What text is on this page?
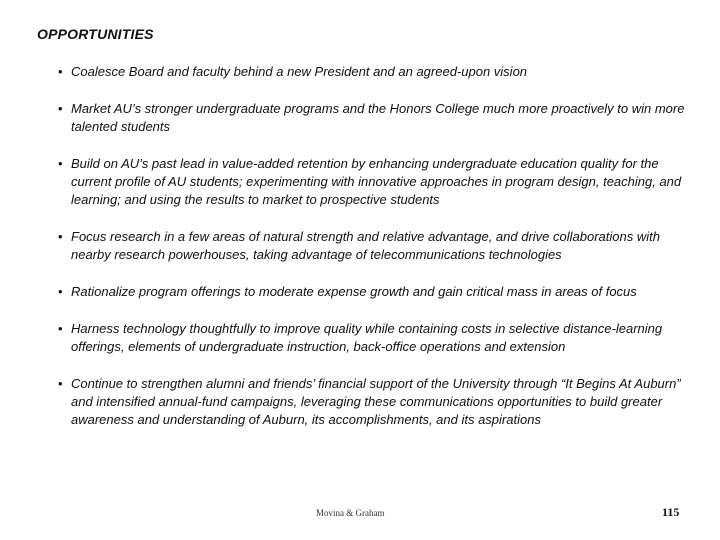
OPPORTUNITIES
• Coalesce Board and faculty behind a new President and an agreed-upon vision
• Market AU’s stronger undergraduate programs and the Honors College much more proactively to win more talented students
• Build on AU’s past lead in value-added retention by enhancing undergraduate education quality for the current profile of AU students; experimenting with innovative approaches in program design, teaching, and learning; and using the results to market to prospective students
• Focus research in a few areas of natural strength and relative advantage, and drive collaborations with nearby research powerhouses, taking advantage of telecommunications technologies
• Rationalize program offerings to moderate expense growth and gain critical mass in areas of focus
• Harness technology thoughtfully to improve quality while containing costs in selective distance-learning offerings, elements of undergraduate instruction, back-office operations and extension
• Continue to strengthen alumni and friends’ financial support of the University through “It Begins At Auburn” and intensified annual-fund campaigns, leveraging these communications opportunities to build greater awareness and understanding of Auburn, its accomplishments, and its aspirations
Movina & Graham	115
